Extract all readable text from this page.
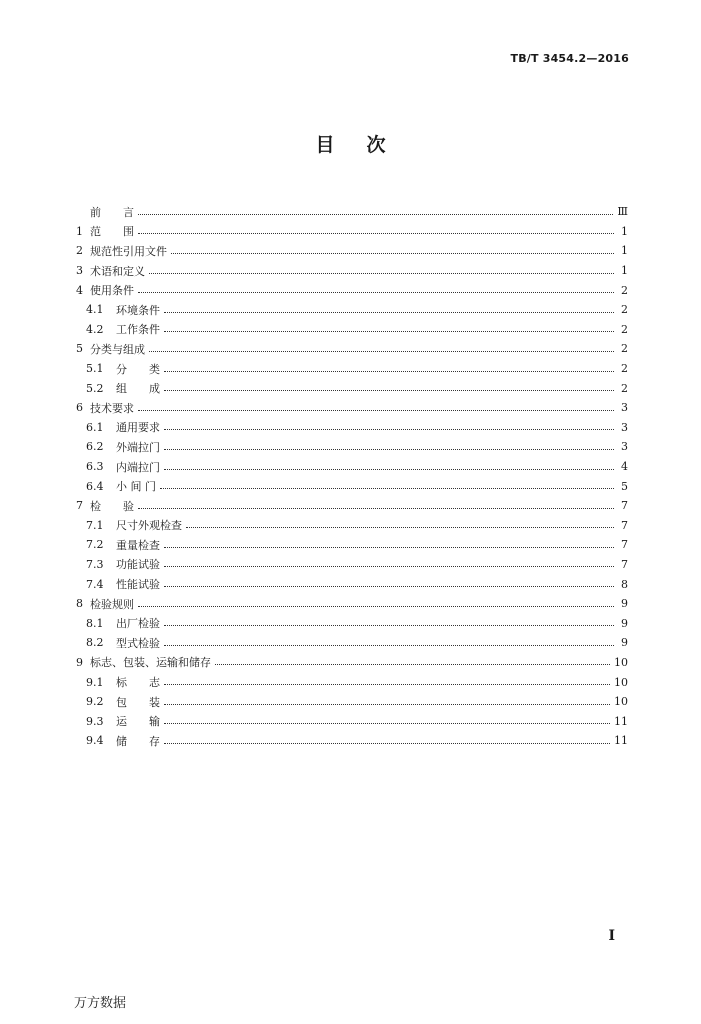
TB/T 3454.2—2016
目 次
前　　言	Ⅲ
1 范　　围	1
2 规范性引用文件	1
3 术语和定义	1
4 使用条件	2
4.1	环境条件	2
4.2	工作条件	2
5 分类与组成	2
5.1	分　　类	2
5.2	组　　成	2
6 技术要求	3
6.1	通用要求	3
6.2	外端拉门	3
6.3	内端拉门	4
6.4	小 间 门	5
7 检　　验	7
7.1	尺寸外观检查	7
7.2	重量检查	7
7.3	功能试验	7
7.4	性能试验	8
8 检验规则	9
8.1	出厂检验	9
8.2	型式检验	9
9 标志、包装、运输和储存	10
9.1	标　　志	10
9.2	包　　装	10
9.3	运　　输	11
9.4	储　　存	11
I
万方数据
